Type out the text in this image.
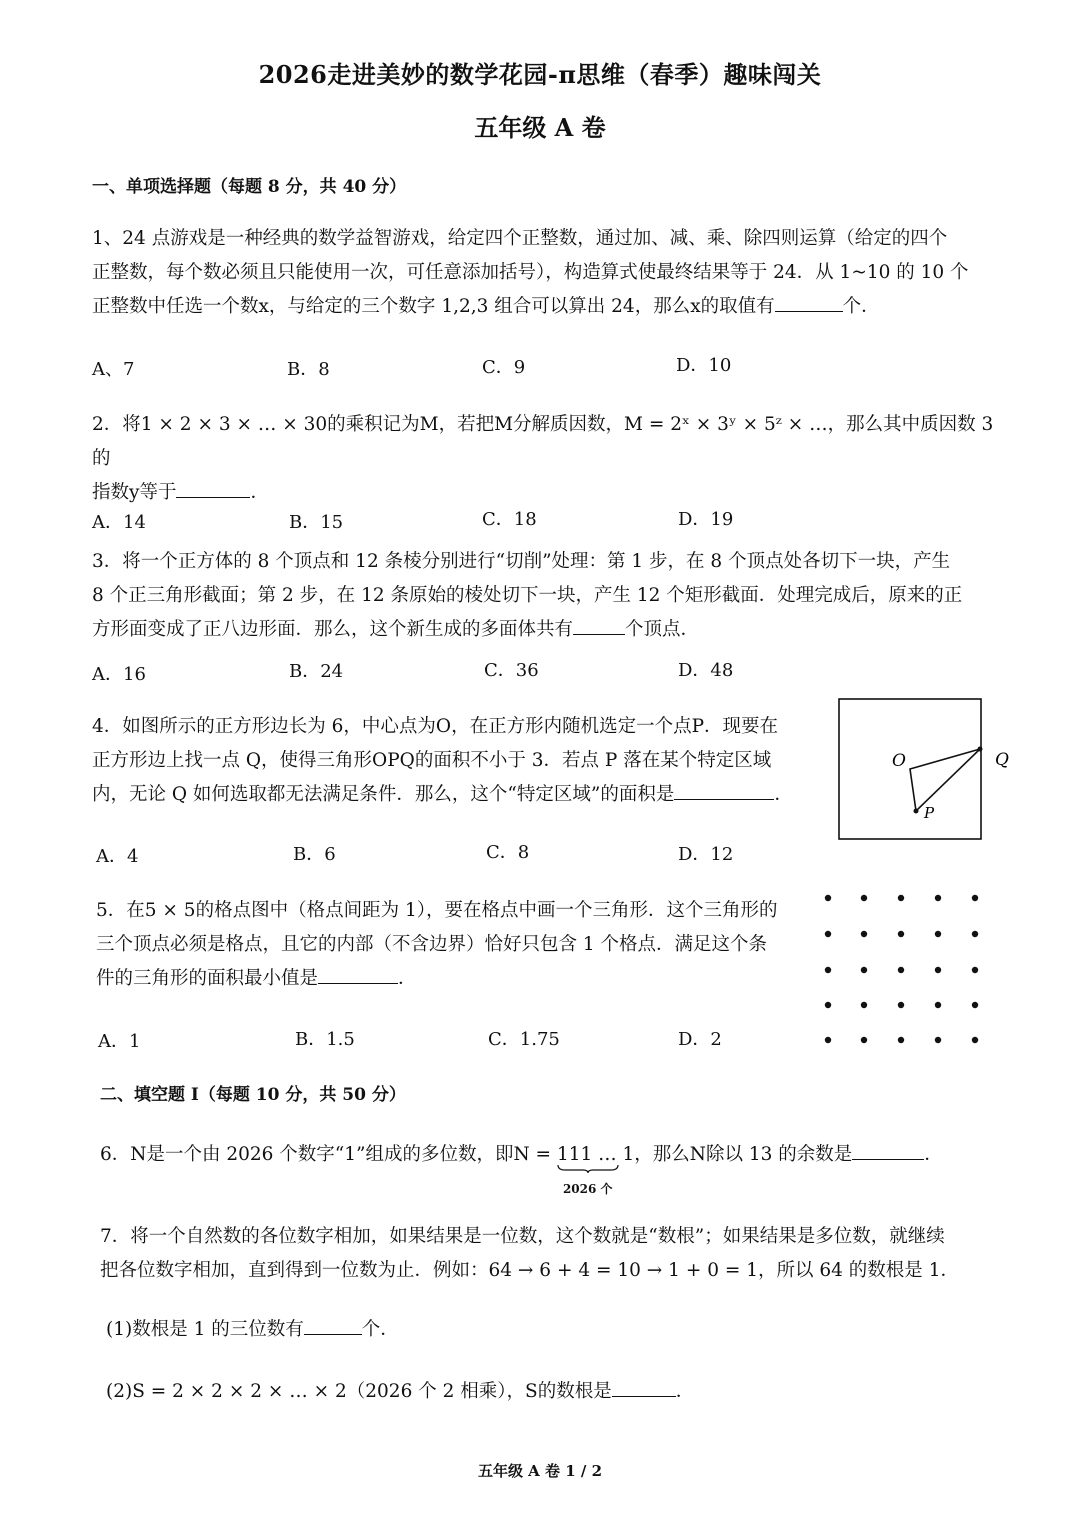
2026走进美妙的数学花园-π思维（春季）趣味闯关
五年级 A 卷
一、单项选择题（每题 8 分，共 40 分）
1、24 点游戏是一种经典的数学益智游戏，给定四个正整数，通过加、减、乘、除四则运算（给定的四个
正整数，每个数必须且只能使用一次，可任意添加括号），构造算式使最终结果等于 24．从 1~10 的 10 个
正整数中任选一个数x，与给定的三个数字 1,2,3 组合可以算出 24，那么x的取值有	个．
A、7	B．8	C．9	D．10
2．将1 × 2 × 3 × … × 30的乘积记为M，若把M分解质因数，M = 2ˣ × 3ʸ × 5ᶻ × …，那么其中质因数 3 的
指数y等于	．
A．14	B．15	C．18	D．19
3．将一个正方体的 8 个顶点和 12 条棱分别进行“切削”处理：第 1 步，在 8 个顶点处各切下一块，产生
8 个正三角形截面；第 2 步，在 12 条原始的棱处切下一块，产生 12 个矩形截面．处理完成后，原来的正
方形面变成了正八边形面．那么，这个新生成的多面体共有	个顶点．
A．16	B．24	C．36	D．48
4．如图所示的正方形边长为 6，中心点为O，在正方形内随机选定一个点P．现要在
正方形边上找一点 Q，使得三角形OPQ的面积不小于 3．若点 P 落在某个特定区域
内，无论 Q 如何选取都无法满足条件．那么，这个“特定区域”的面积是	．
O	Q
P
A．4	B．6	C．8	D．12
5．在5 × 5的格点图中（格点间距为 1），要在格点中画一个三角形．这个三角形的
三个顶点必须是格点，且它的内部（不含边界）恰好只包含 1 个格点．满足这个条
件的三角形的面积最小值是	．
A．1	B．1.5	C．1.75	D．2
二、填空题 I（每题 10 分，共 50 分）
6．N是一个由 2026 个数字“1”组成的多位数，即N = 111 … 1
2026 个
，那么N除以 13 的余数是	．
7．将一个自然数的各位数字相加，如果结果是一位数，这个数就是“数根”；如果结果是多位数，就继续
把各位数字相加，直到得到一位数为止．例如：64 → 6 + 4 = 10 → 1 + 0 = 1，所以 64 的数根是 1．
(1)数根是 1 的三位数有	个．
(2)S = 2 × 2 × 2 × … × 2（2026 个 2 相乘），S的数根是	．
五年级 A 卷 1 / 2
